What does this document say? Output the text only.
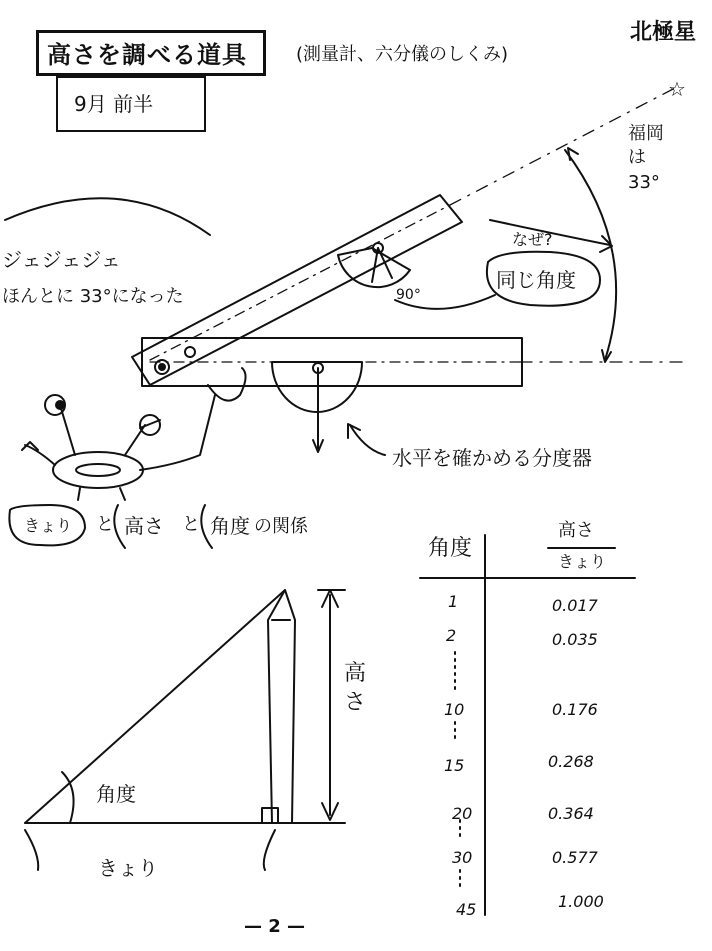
☆
高さを調べる道具	(測量計、六分儀のしくみ)
9月 前半
北極星
福岡は 33°
ジェジェジェ
ほんとに 33°になった
なぜ?
同じ角度
90°
水平を確かめる分度器
きょり と 高さ と 角度 の関係
高さ
角度
きょり
角度
高さ
きょり
1	0.017
2	0.035
10	0.176
15	0.268
20	0.364
30	0.577
45	1.000
— 2 —
